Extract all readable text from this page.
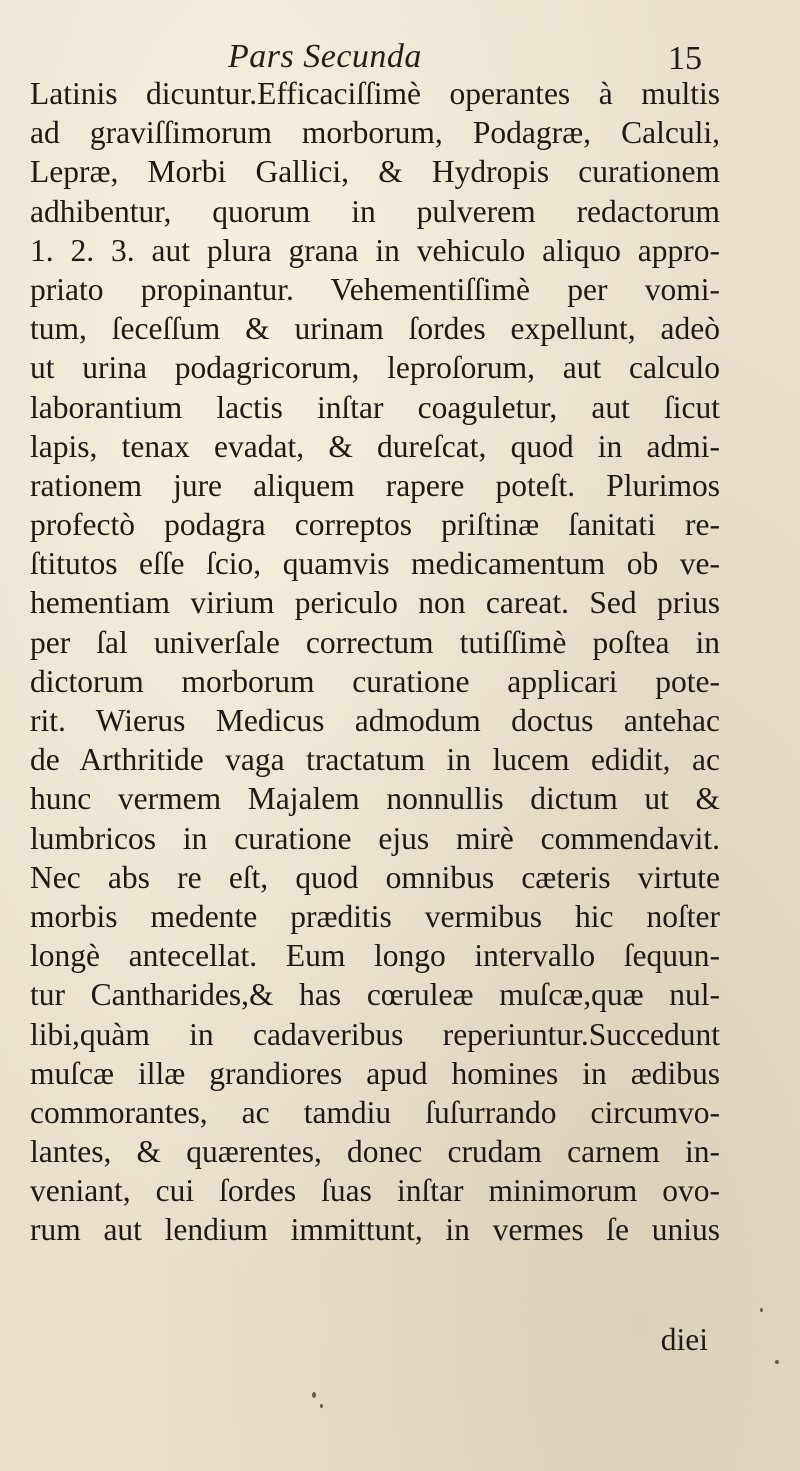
Pars Secunda	15
Latinis dicuntur.Efficaciſſimè operantes à multis
ad graviſſimorum morborum, Podagræ, Calculi,
Lepræ, Morbi Gallici, & Hydropis curationem
adhibentur, quorum in pulverem redactorum
1. 2. 3. aut plura grana in vehiculo aliquo appro-
priato propinantur. Vehementiſſimè per vomi-
tum, ſeceſſum & urinam ſordes expellunt, adeò
ut urina podagricorum, leproſorum, aut calculo
laborantium lactis inſtar coaguletur, aut ſicut
lapis, tenax evadat, & dureſcat, quod in admi-
rationem jure aliquem rapere poteſt. Plurimos
profectò podagra correptos priſtinæ ſanitati re-
ſtitutos eſſe ſcio, quamvis medicamentum ob ve-
hementiam virium periculo non careat. Sed prius
per ſal univerſale correctum tutiſſimè poſtea in
dictorum morborum curatione applicari pote-
rit. Wierus Medicus admodum doctus antehac
de Arthritide vaga tractatum in lucem edidit, ac
hunc vermem Majalem nonnullis dictum ut &
lumbricos in curatione ejus mirè commendavit.
Nec abs re eſt, quod omnibus cæteris virtute
morbis medente præditis vermibus hic noſter
longè antecellat. Eum longo intervallo ſequun-
tur Cantharides,& has cœruleæ muſcæ,quæ nul-
libi,quàm in cadaveribus reperiuntur.Succedunt
muſcæ illæ grandiores apud homines in ædibus
commorantes, ac tamdiu ſuſurrando circumvo-
lantes, & quærentes, donec crudam carnem in-
veniant, cui ſordes ſuas inſtar minimorum ovo-
rum aut lendium immittunt, in vermes ſe unius
diei
